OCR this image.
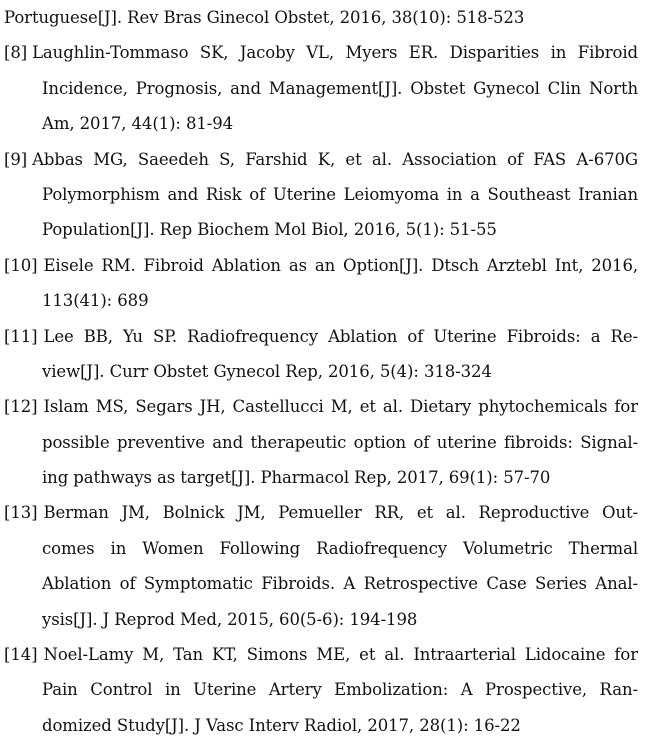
Portuguese[J]. Rev Bras Ginecol Obstet, 2016, 38(10): 518-523
[8] Laughlin-Tommaso SK, Jacoby VL, Myers ER. Disparities in Fibroid
Incidence, Prognosis, and Management[J]. Obstet Gynecol Clin North
Am, 2017, 44(1): 81-94
[9] Abbas MG, Saeedeh S, Farshid K, et al. Association of FAS A-670G
Polymorphism and Risk of Uterine Leiomyoma in a Southeast Iranian
Population[J]. Rep Biochem Mol Biol, 2016, 5(1): 51-55
[10] Eisele RM. Fibroid Ablation as an Option[J]. Dtsch Arztebl Int, 2016,
113(41): 689
[11] Lee BB, Yu SP. Radiofrequency Ablation of Uterine Fibroids: a Re-
view[J]. Curr Obstet Gynecol Rep, 2016, 5(4): 318-324
[12] Islam MS, Segars JH, Castellucci M, et al. Dietary phytochemicals for
possible preventive and therapeutic option of uterine fibroids: Signal-
ing pathways as target[J]. Pharmacol Rep, 2017, 69(1): 57-70
[13] Berman JM, Bolnick JM, Pemueller RR, et al. Reproductive Out-
comes in Women Following Radiofrequency Volumetric Thermal
Ablation of Symptomatic Fibroids. A Retrospective Case Series Anal-
ysis[J]. J Reprod Med, 2015, 60(5-6): 194-198
[14] Noel-Lamy M, Tan KT, Simons ME, et al. Intraarterial Lidocaine for
Pain Control in Uterine Artery Embolization: A Prospective, Ran-
domized Study[J]. J Vasc Interv Radiol, 2017, 28(1): 16-22
